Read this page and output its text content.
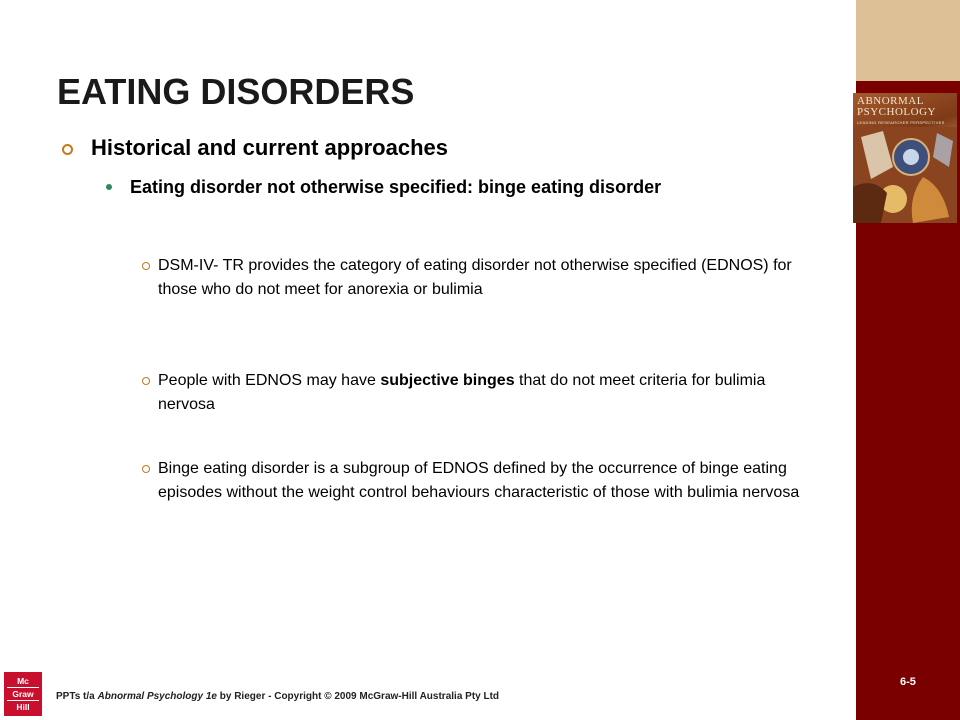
ABNORMAL
PSYCHOLOGY
LEADING RESEARCHER PERSPECTIVES
EATING DISORDERS
Historical and current approaches
Eating disorder not otherwise specified: binge eating disorder
DSM-IV- TR provides the category of eating disorder not otherwise specified (EDNOS) for those who do not meet for anorexia or bulimia
People with EDNOS may have subjective binges that do not meet criteria for bulimia nervosa
Binge eating disorder is a subgroup of EDNOS defined by the occurrence of binge eating episodes without the weight control behaviours characteristic of those with bulimia nervosa
Mc
Graw
Hill
PPTs t/a Abnormal Psychology 1e by Rieger - Copyright © 2009 McGraw-Hill Australia Pty Ltd
6-5
